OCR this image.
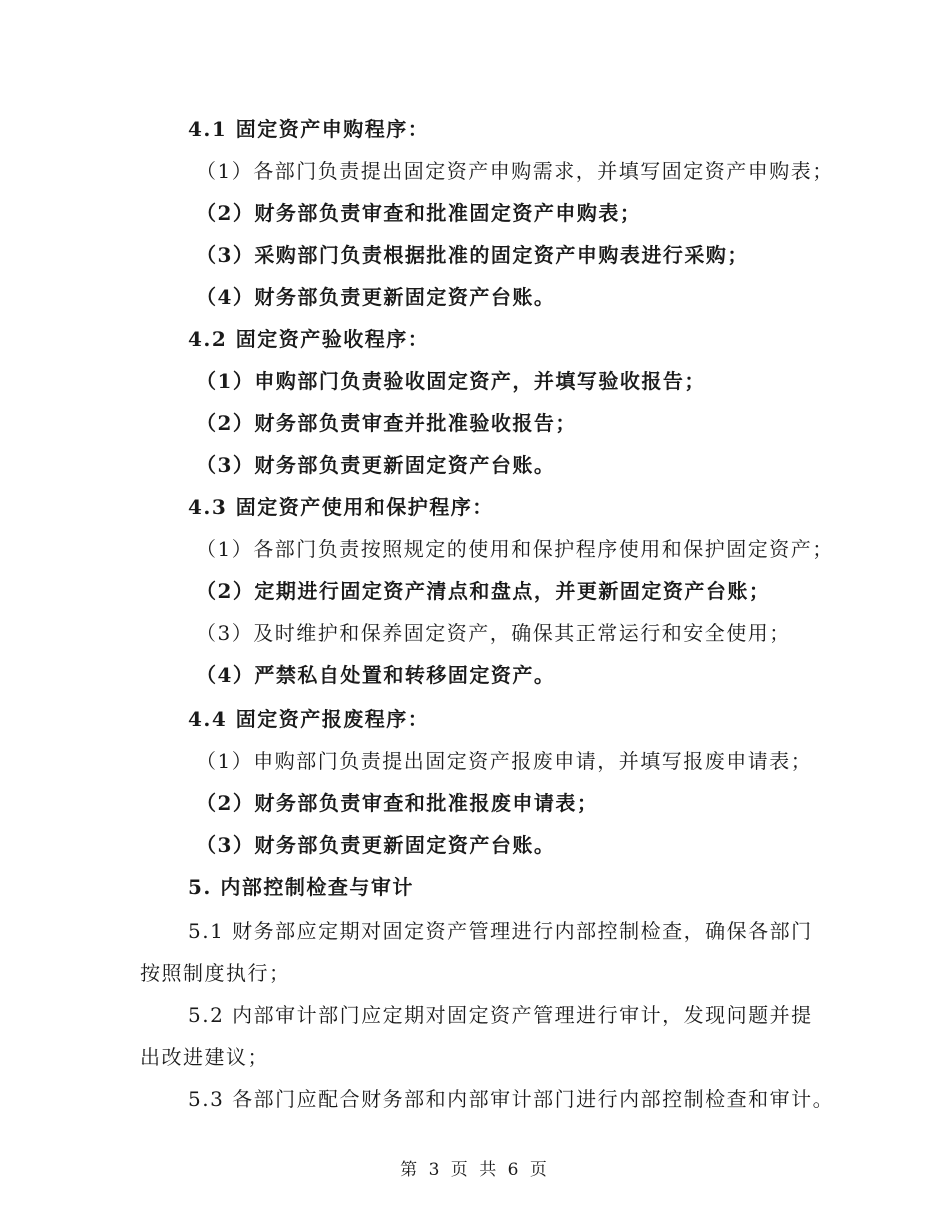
4.1 固定资产申购程序：
（1）各部门负责提出固定资产申购需求，并填写固定资产申购表；
（2）财务部负责审查和批准固定资产申购表；
（3）采购部门负责根据批准的固定资产申购表进行采购；
（4）财务部负责更新固定资产台账。
4.2 固定资产验收程序：
（1）申购部门负责验收固定资产，并填写验收报告；
（2）财务部负责审查并批准验收报告；
（3）财务部负责更新固定资产台账。
4.3 固定资产使用和保护程序：
（1）各部门负责按照规定的使用和保护程序使用和保护固定资产；
（2）定期进行固定资产清点和盘点，并更新固定资产台账；
（3）及时维护和保养固定资产，确保其正常运行和安全使用；
（4）严禁私自处置和转移固定资产。
4.4 固定资产报废程序：
（1）申购部门负责提出固定资产报废申请，并填写报废申请表；
（2）财务部负责审查和批准报废申请表；
（3）财务部负责更新固定资产台账。
5. 内部控制检查与审计
5.1 财务部应定期对固定资产管理进行内部控制检查，确保各部门
按照制度执行；
5.2 内部审计部门应定期对固定资产管理进行审计，发现问题并提
出改进建议；
5.3 各部门应配合财务部和内部审计部门进行内部控制检查和审计。
第 3 页 共 6 页
